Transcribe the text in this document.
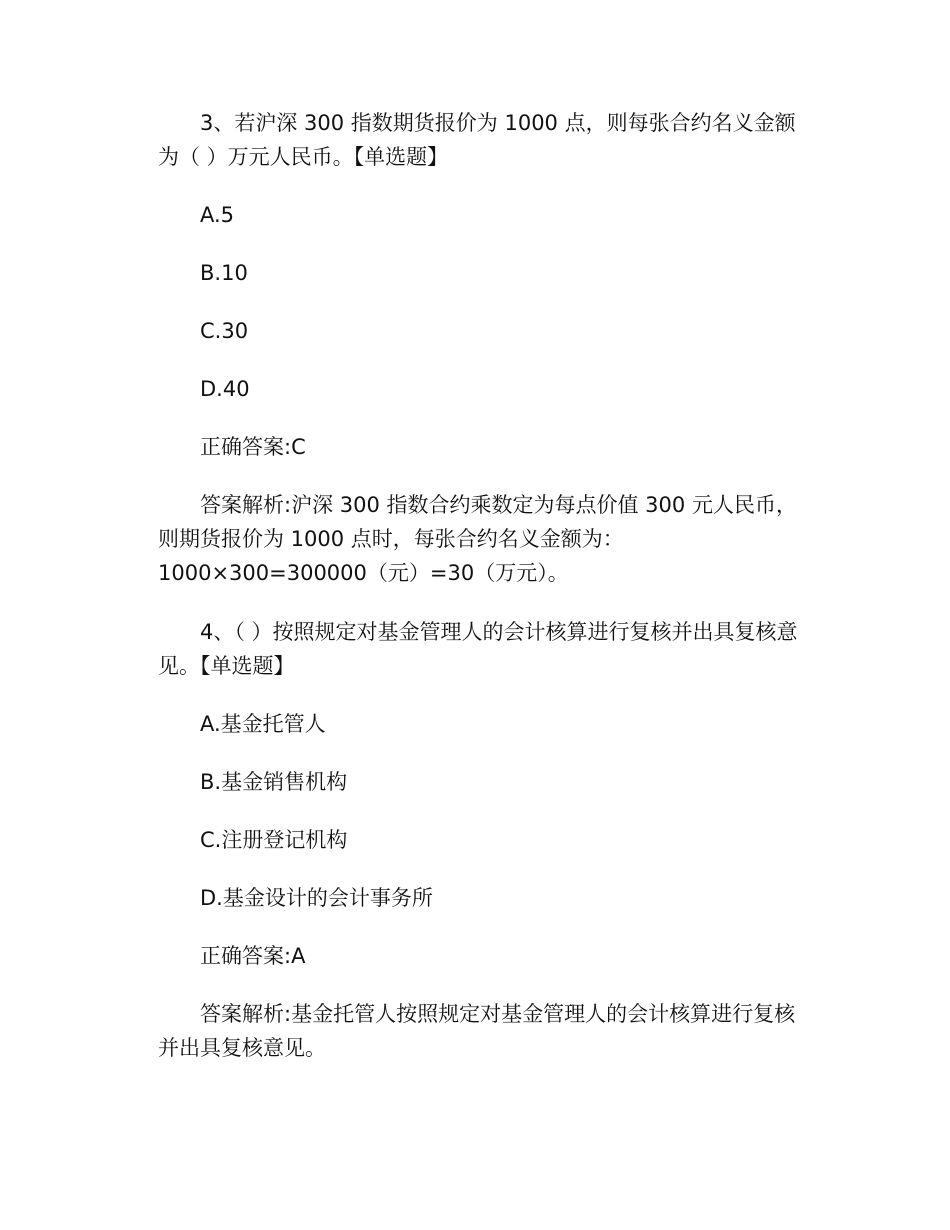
3、若沪深 300 指数期货报价为 1000 点，则每张合约名义金额为（ ）万元人民币。【单选题】

A.5

B.10

C.30

D.40

正确答案:C

答案解析:沪深 300 指数合约乘数定为每点价值 300 元人民币，则期货报价为 1000 点时，每张合约名义金额为：1000×300=300000（元）=30（万元）。

4、（ ）按照规定对基金管理人的会计核算进行复核并出具复核意见。【单选题】

A.基金托管人

B.基金销售机构

C.注册登记机构

D.基金设计的会计事务所

正确答案:A

答案解析:基金托管人按照规定对基金管理人的会计核算进行复核并出具复核意见。
